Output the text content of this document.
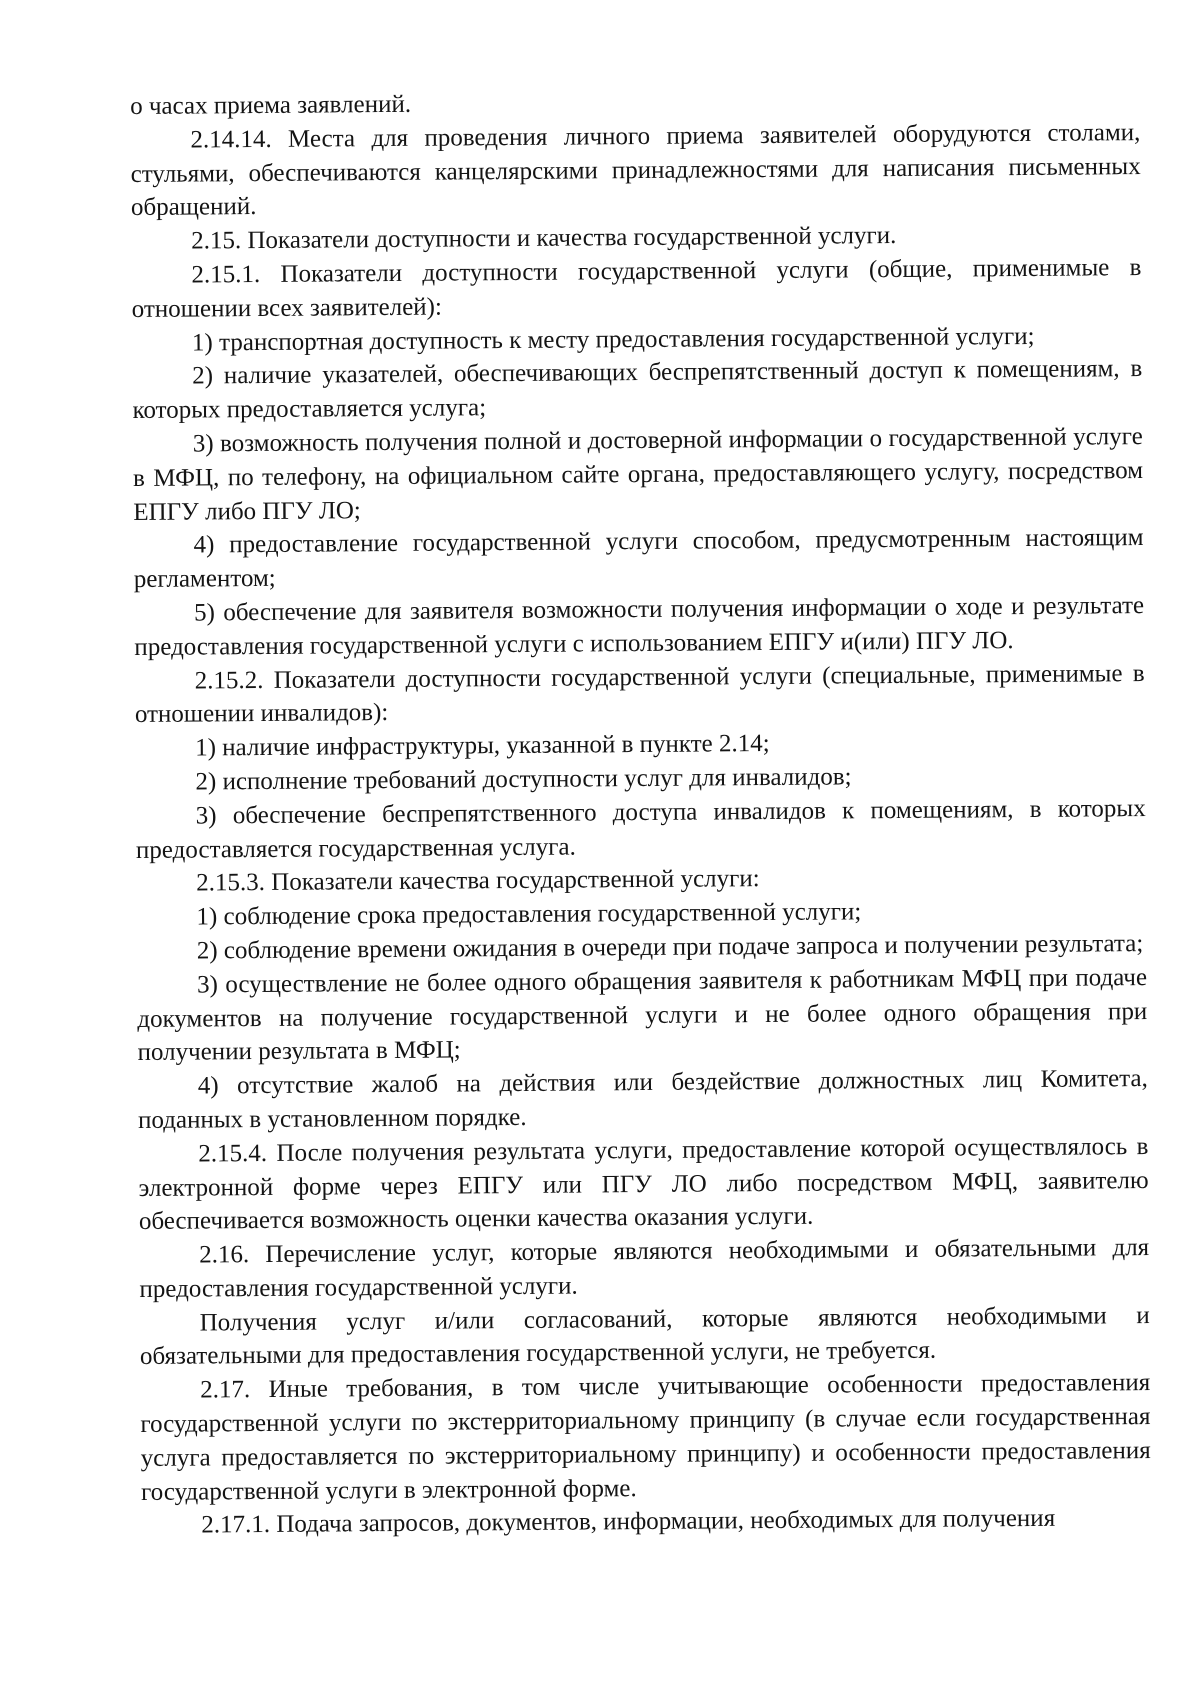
о часах приема заявлений.

2.14.14. Места для проведения личного приема заявителей оборудуются столами, стульями, обеспечиваются канцелярскими принадлежностями для написания письменных обращений.

2.15. Показатели доступности и качества государственной услуги.

2.15.1. Показатели доступности государственной услуги (общие, применимые в отношении всех заявителей):

1) транспортная доступность к месту предоставления государственной услуги;

2) наличие указателей, обеспечивающих беспрепятственный доступ к помещениям, в которых предоставляется услуга;

3) возможность получения полной и достоверной информации о государственной услуге в МФЦ, по телефону, на официальном сайте органа, предоставляющего услугу, посредством ЕПГУ либо ПГУ ЛО;

4) предоставление государственной услуги способом, предусмотренным настоящим регламентом;

5) обеспечение для заявителя возможности получения информации о ходе и результате предоставления государственной услуги с использованием ЕПГУ и(или) ПГУ ЛО.

2.15.2. Показатели доступности государственной услуги (специальные, применимые в отношении инвалидов):

1) наличие инфраструктуры, указанной в пункте 2.14;

2) исполнение требований доступности услуг для инвалидов;

3) обеспечение беспрепятственного доступа инвалидов к помещениям, в которых предоставляется государственная услуга.

2.15.3. Показатели качества государственной услуги:

1) соблюдение срока предоставления государственной услуги;

2) соблюдение времени ожидания в очереди при подаче запроса и получении результата;

3) осуществление не более одного обращения заявителя к работникам МФЦ при подаче документов на получение государственной услуги и не более одного обращения при получении результата в МФЦ;

4) отсутствие жалоб на действия или бездействие должностных лиц Комитета, поданных в установленном порядке.

2.15.4. После получения результата услуги, предоставление которой осуществлялось в электронной форме через ЕПГУ или ПГУ ЛО либо посредством МФЦ, заявителю обеспечивается возможность оценки качества оказания услуги.

2.16. Перечисление услуг, которые являются необходимыми и обязательными для предоставления государственной услуги.

Получения услуг и/или согласований, которые являются необходимыми и обязательными для предоставления государственной услуги, не требуется.

2.17. Иные требования, в том числе учитывающие особенности предоставления государственной услуги по экстерриториальному принципу (в случае если государственная услуга предоставляется по экстерриториальному принципу) и особенности предоставления государственной услуги в электронной форме.

2.17.1. Подача запросов, документов, информации, необходимых для получения
